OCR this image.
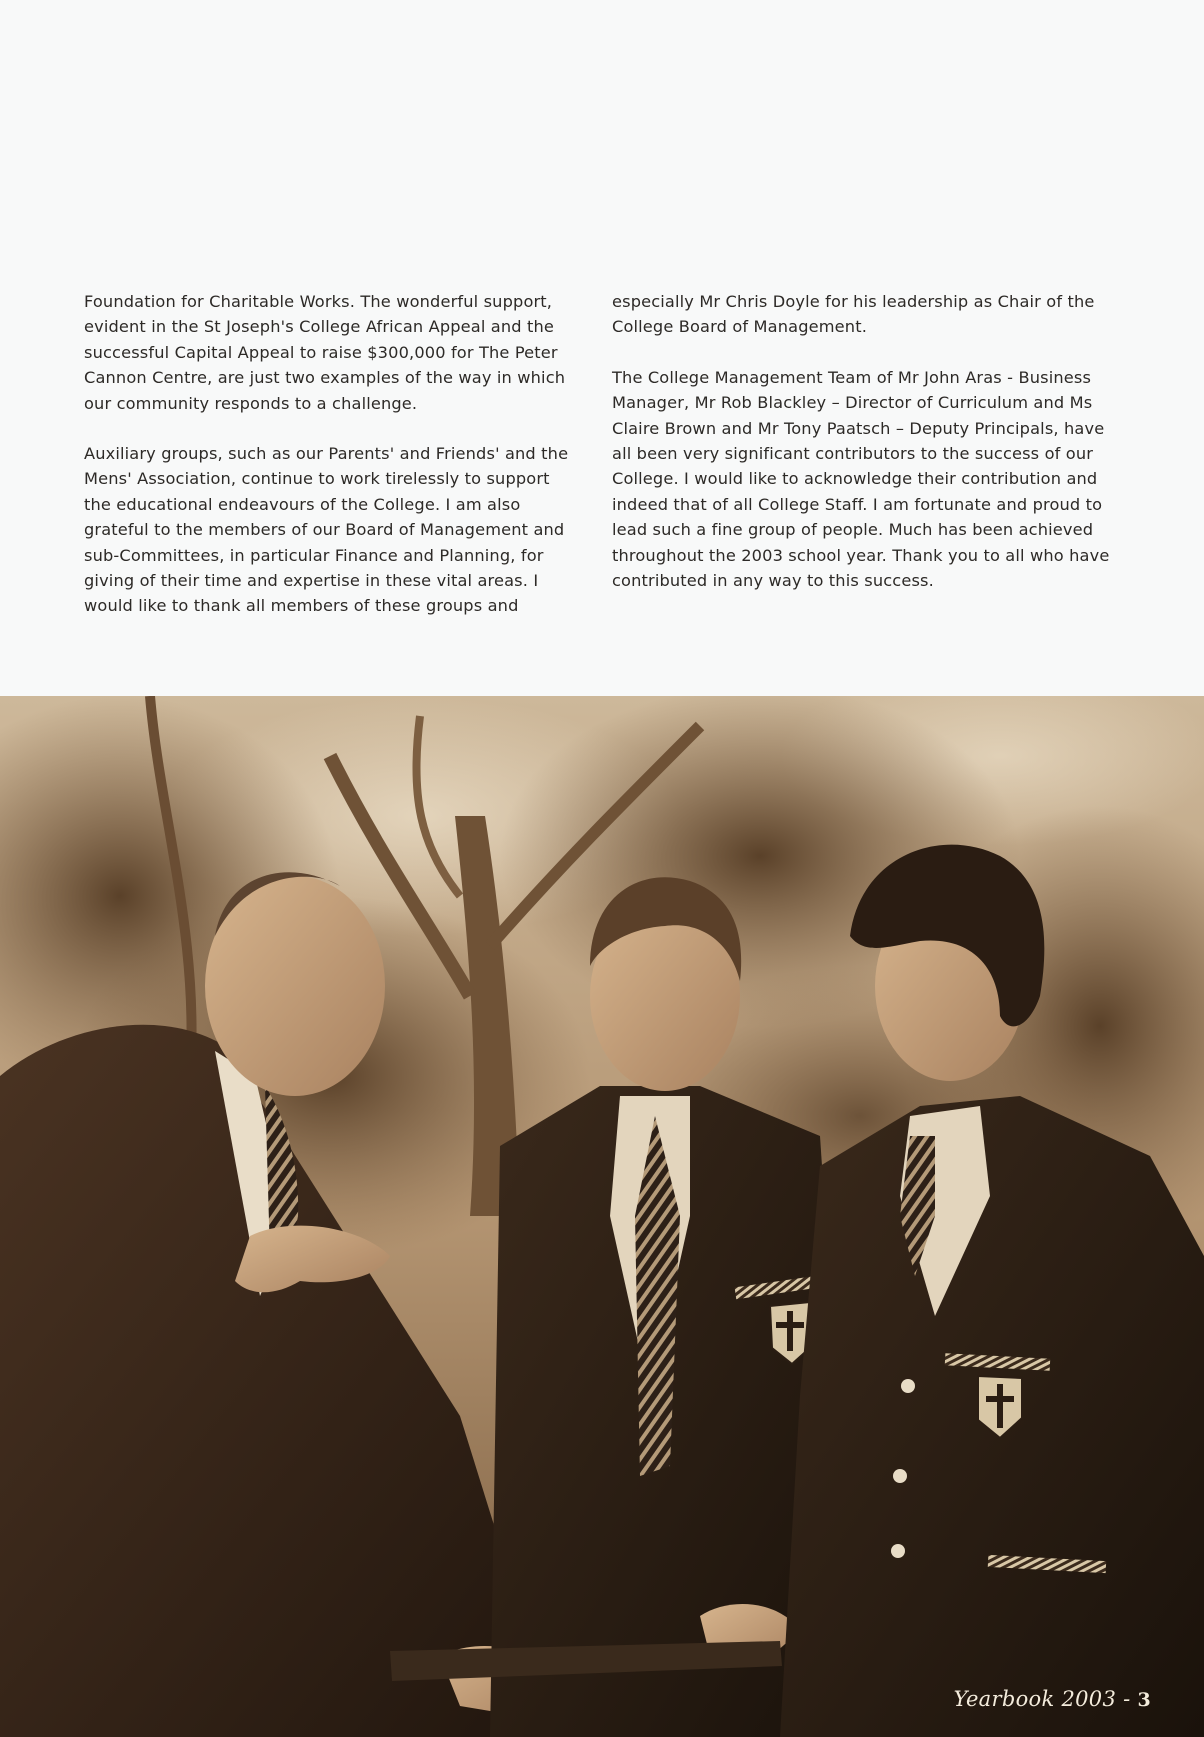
Foundation for Charitable Works. The wonderful support, evident in the St Joseph's College African Appeal and the successful Capital Appeal to raise $300,000 for The Peter Cannon Centre, are just two examples of the way in which our community responds to a challenge.

Auxiliary groups, such as our Parents' and Friends' and the Mens' Association, continue to work tirelessly to support the educational endeavours of the College. I am also grateful to the members of our Board of Management and sub-Committees, in particular Finance and Planning, for giving of their time and expertise in these vital areas. I would like to thank all members of these groups and

especially Mr Chris Doyle for his leadership as Chair of the College Board of Management.

The College Management Team of Mr John Aras - Business Manager, Mr Rob Blackley – Director of Curriculum and Ms Claire Brown and Mr Tony Paatsch – Deputy Principals, have all been very significant contributors to the success of our College. I would like to acknowledge their contribution and indeed that of all College Staff. I am fortunate and proud to lead such a fine group of people. Much has been achieved throughout the 2003 school year. Thank you to all who have contributed in any way to this success.

Yearbook 2003 - 3
